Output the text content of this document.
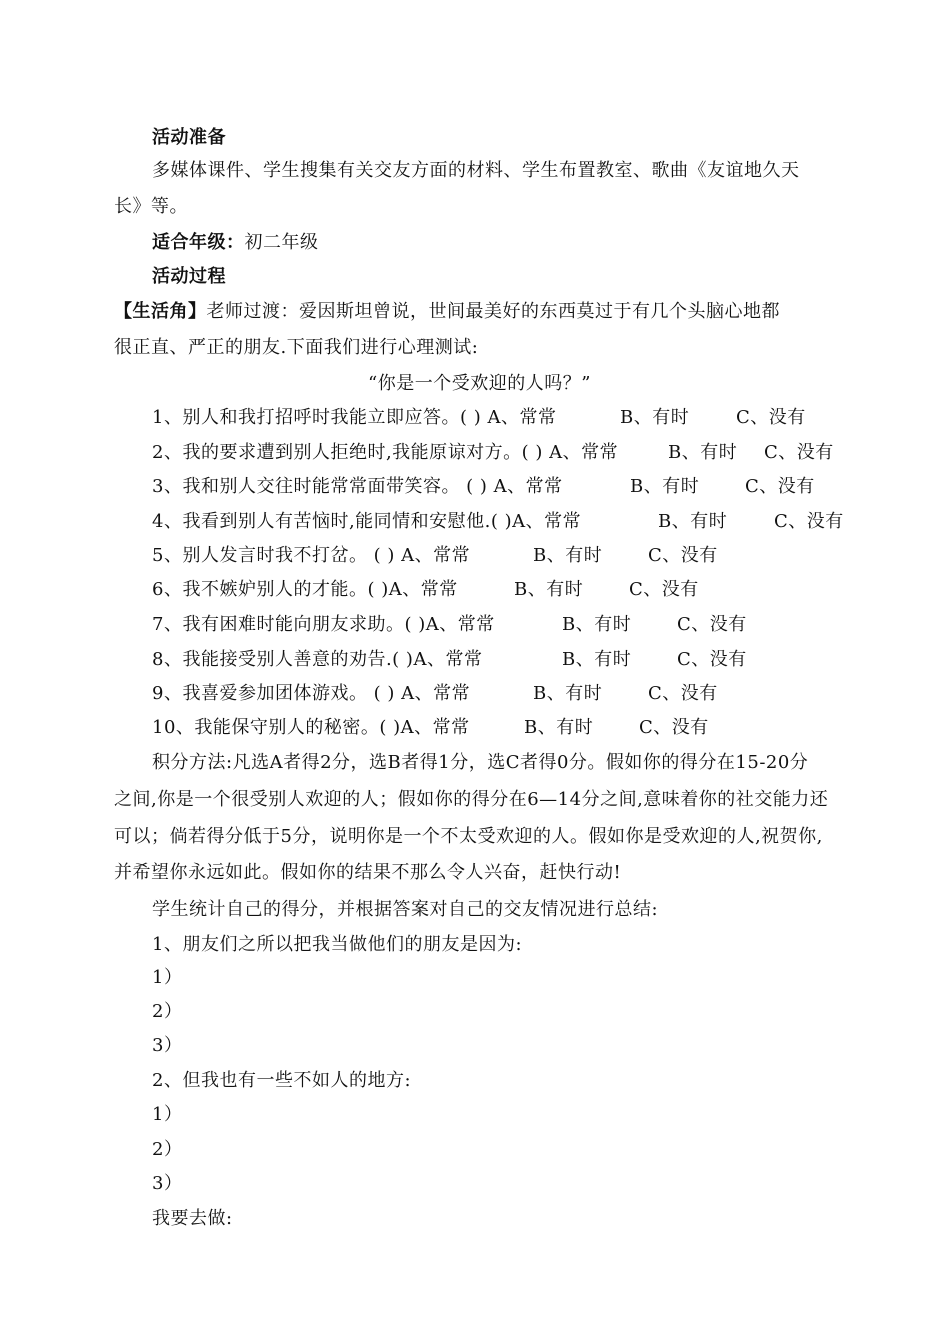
活动准备
多媒体课件、学生搜集有关交友方面的材料、学生布置教室、歌曲《友谊地久天
长》等。
适合年级：初二年级
活动过程
【生活角】老师过渡：爱因斯坦曾说，世间最美好的东西莫过于有几个头脑心地都
很正直、严正的朋友.下面我们进行心理测试:
“你是一个受欢迎的人吗？”
1、别人和我打招呼时我能立即应答。( ) A、常常	B、有时	C、没有
2、我的要求遭到别人拒绝时,我能原谅对方。( ) A、常常	B、有时 C、没有
3、我和别人交往时能常常面带笑容。 ( ) A、常常	B、有时	C、没有
4、我看到别人有苦恼时,能同情和安慰他.( )A、常常	B、有时	C、没有
5、别人发言时我不打岔。 ( ) A、常常	B、有时	C、没有
6、我不嫉妒别人的才能。( )A、常常	B、有时	C、没有
7、我有困难时能向朋友求助。( )A、常常	B、有时	C、没有
8、我能接受别人善意的劝告.( )A、常常	B、有时	C、没有
9、我喜爱参加团体游戏。 ( ) A、常常	B、有时	C、没有
10、我能保守别人的秘密。( )A、常常	B、有时	C、没有
积分方法:凡选A者得2分，选B者得1分，选C者得0分。假如你的得分在15-20分
之间,你是一个很受别人欢迎的人；假如你的得分在6—14分之间,意味着你的社交能力还
可以；倘若得分低于5分，说明你是一个不太受欢迎的人。假如你是受欢迎的人,祝贺你,
并希望你永远如此。假如你的结果不那么令人兴奋，赶快行动!
学生统计自己的得分，并根据答案对自己的交友情况进行总结:
1、朋友们之所以把我当做他们的朋友是因为:
1）
2）
3）
2、但我也有一些不如人的地方:
1）
2）
3）
我要去做:
